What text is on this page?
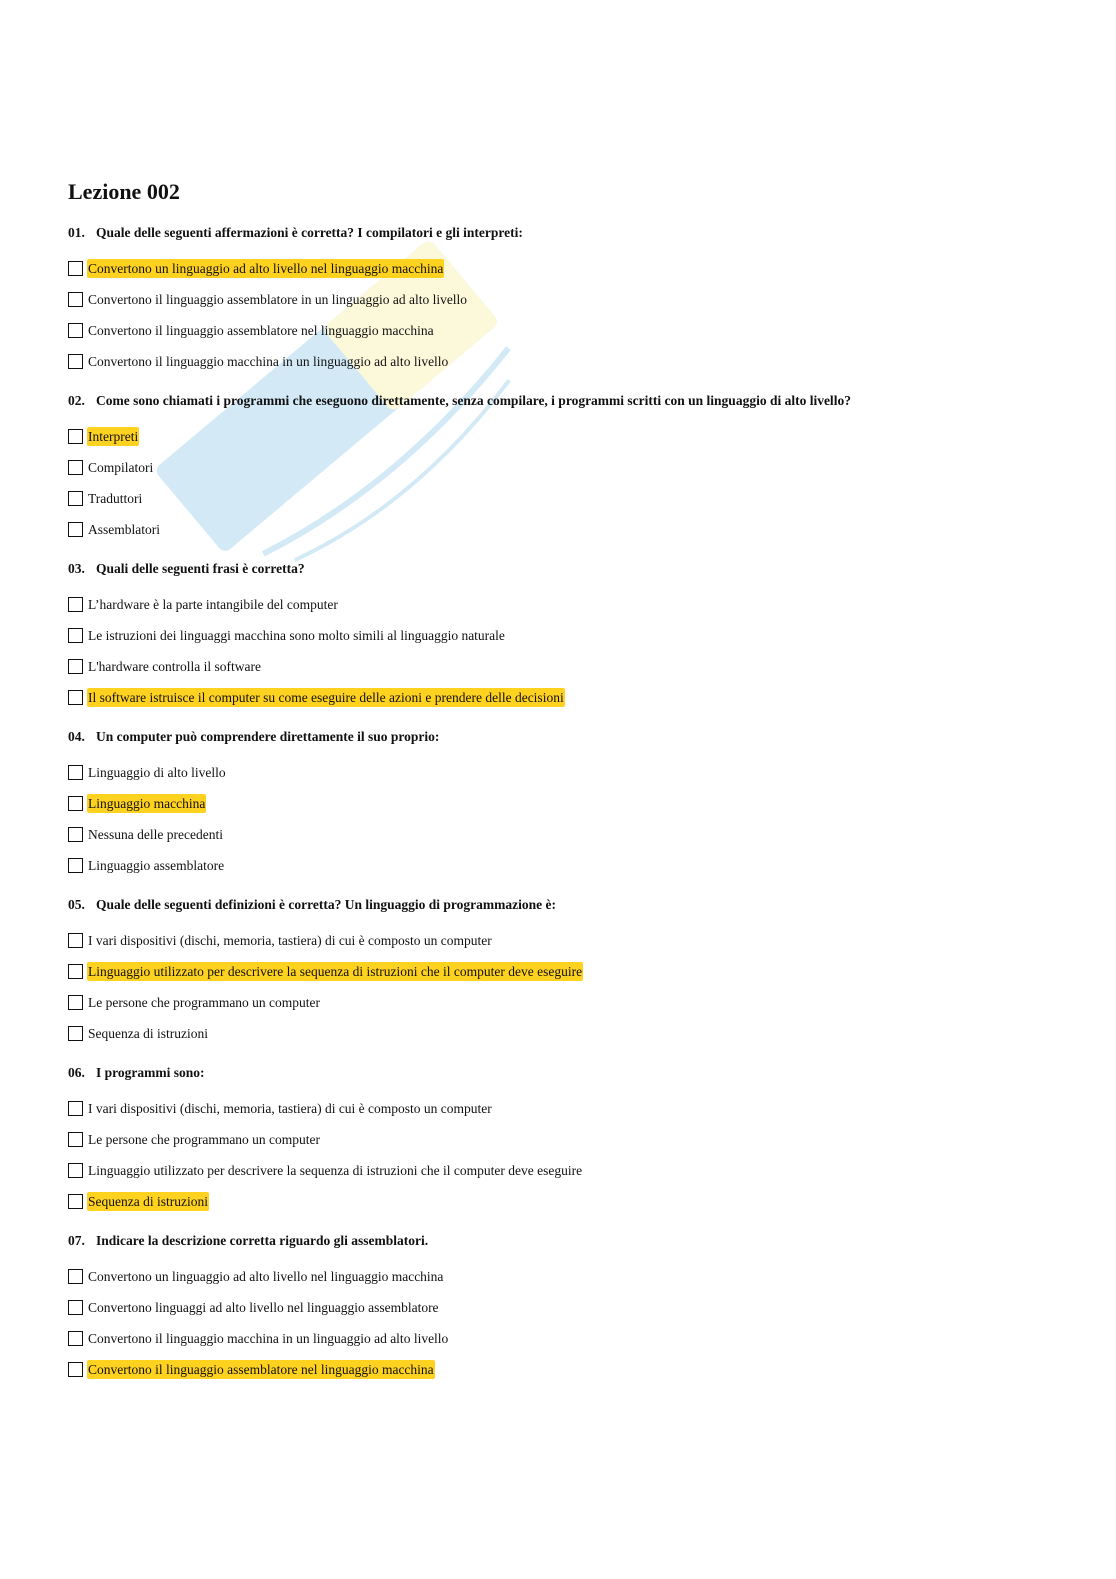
Lezione 002
01. Quale delle seguenti affermazioni è corretta? I compilatori e gli interpreti:
Convertono un linguaggio ad alto livello nel linguaggio macchina
Convertono il linguaggio assemblatore in un linguaggio ad alto livello
Convertono il linguaggio assemblatore nel linguaggio macchina
Convertono il linguaggio macchina in un linguaggio ad alto livello
02. Come sono chiamati i programmi che eseguono direttamente, senza compilare, i programmi scritti con un linguaggio di alto livello?
Interpreti
Compilatori
Traduttori
Assemblatori
03. Quali delle seguenti frasi è corretta?
L’hardware è la parte intangibile del computer
Le istruzioni dei linguaggi macchina sono molto simili al linguaggio naturale
L'hardware controlla il software
Il software istruisce il computer su come eseguire delle azioni e prendere delle decisioni
04. Un computer può comprendere direttamente il suo proprio:
Linguaggio di alto livello
Linguaggio macchina
Nessuna delle precedenti
Linguaggio assemblatore
05. Quale delle seguenti definizioni è corretta? Un linguaggio di programmazione è:
I vari dispositivi (dischi, memoria, tastiera) di cui è composto un computer
Linguaggio utilizzato per descrivere la sequenza di istruzioni che il computer deve eseguire
Le persone che programmano un computer
Sequenza di istruzioni
06. I programmi sono:
I vari dispositivi (dischi, memoria, tastiera) di cui è composto un computer
Le persone che programmano un computer
Linguaggio utilizzato per descrivere la sequenza di istruzioni che il computer deve eseguire
Sequenza di istruzioni
07. Indicare la descrizione corretta riguardo gli assemblatori.
Convertono un linguaggio ad alto livello nel linguaggio macchina
Convertono linguaggi ad alto livello nel linguaggio assemblatore
Convertono il linguaggio macchina in un linguaggio ad alto livello
Convertono il linguaggio assemblatore nel linguaggio macchina
